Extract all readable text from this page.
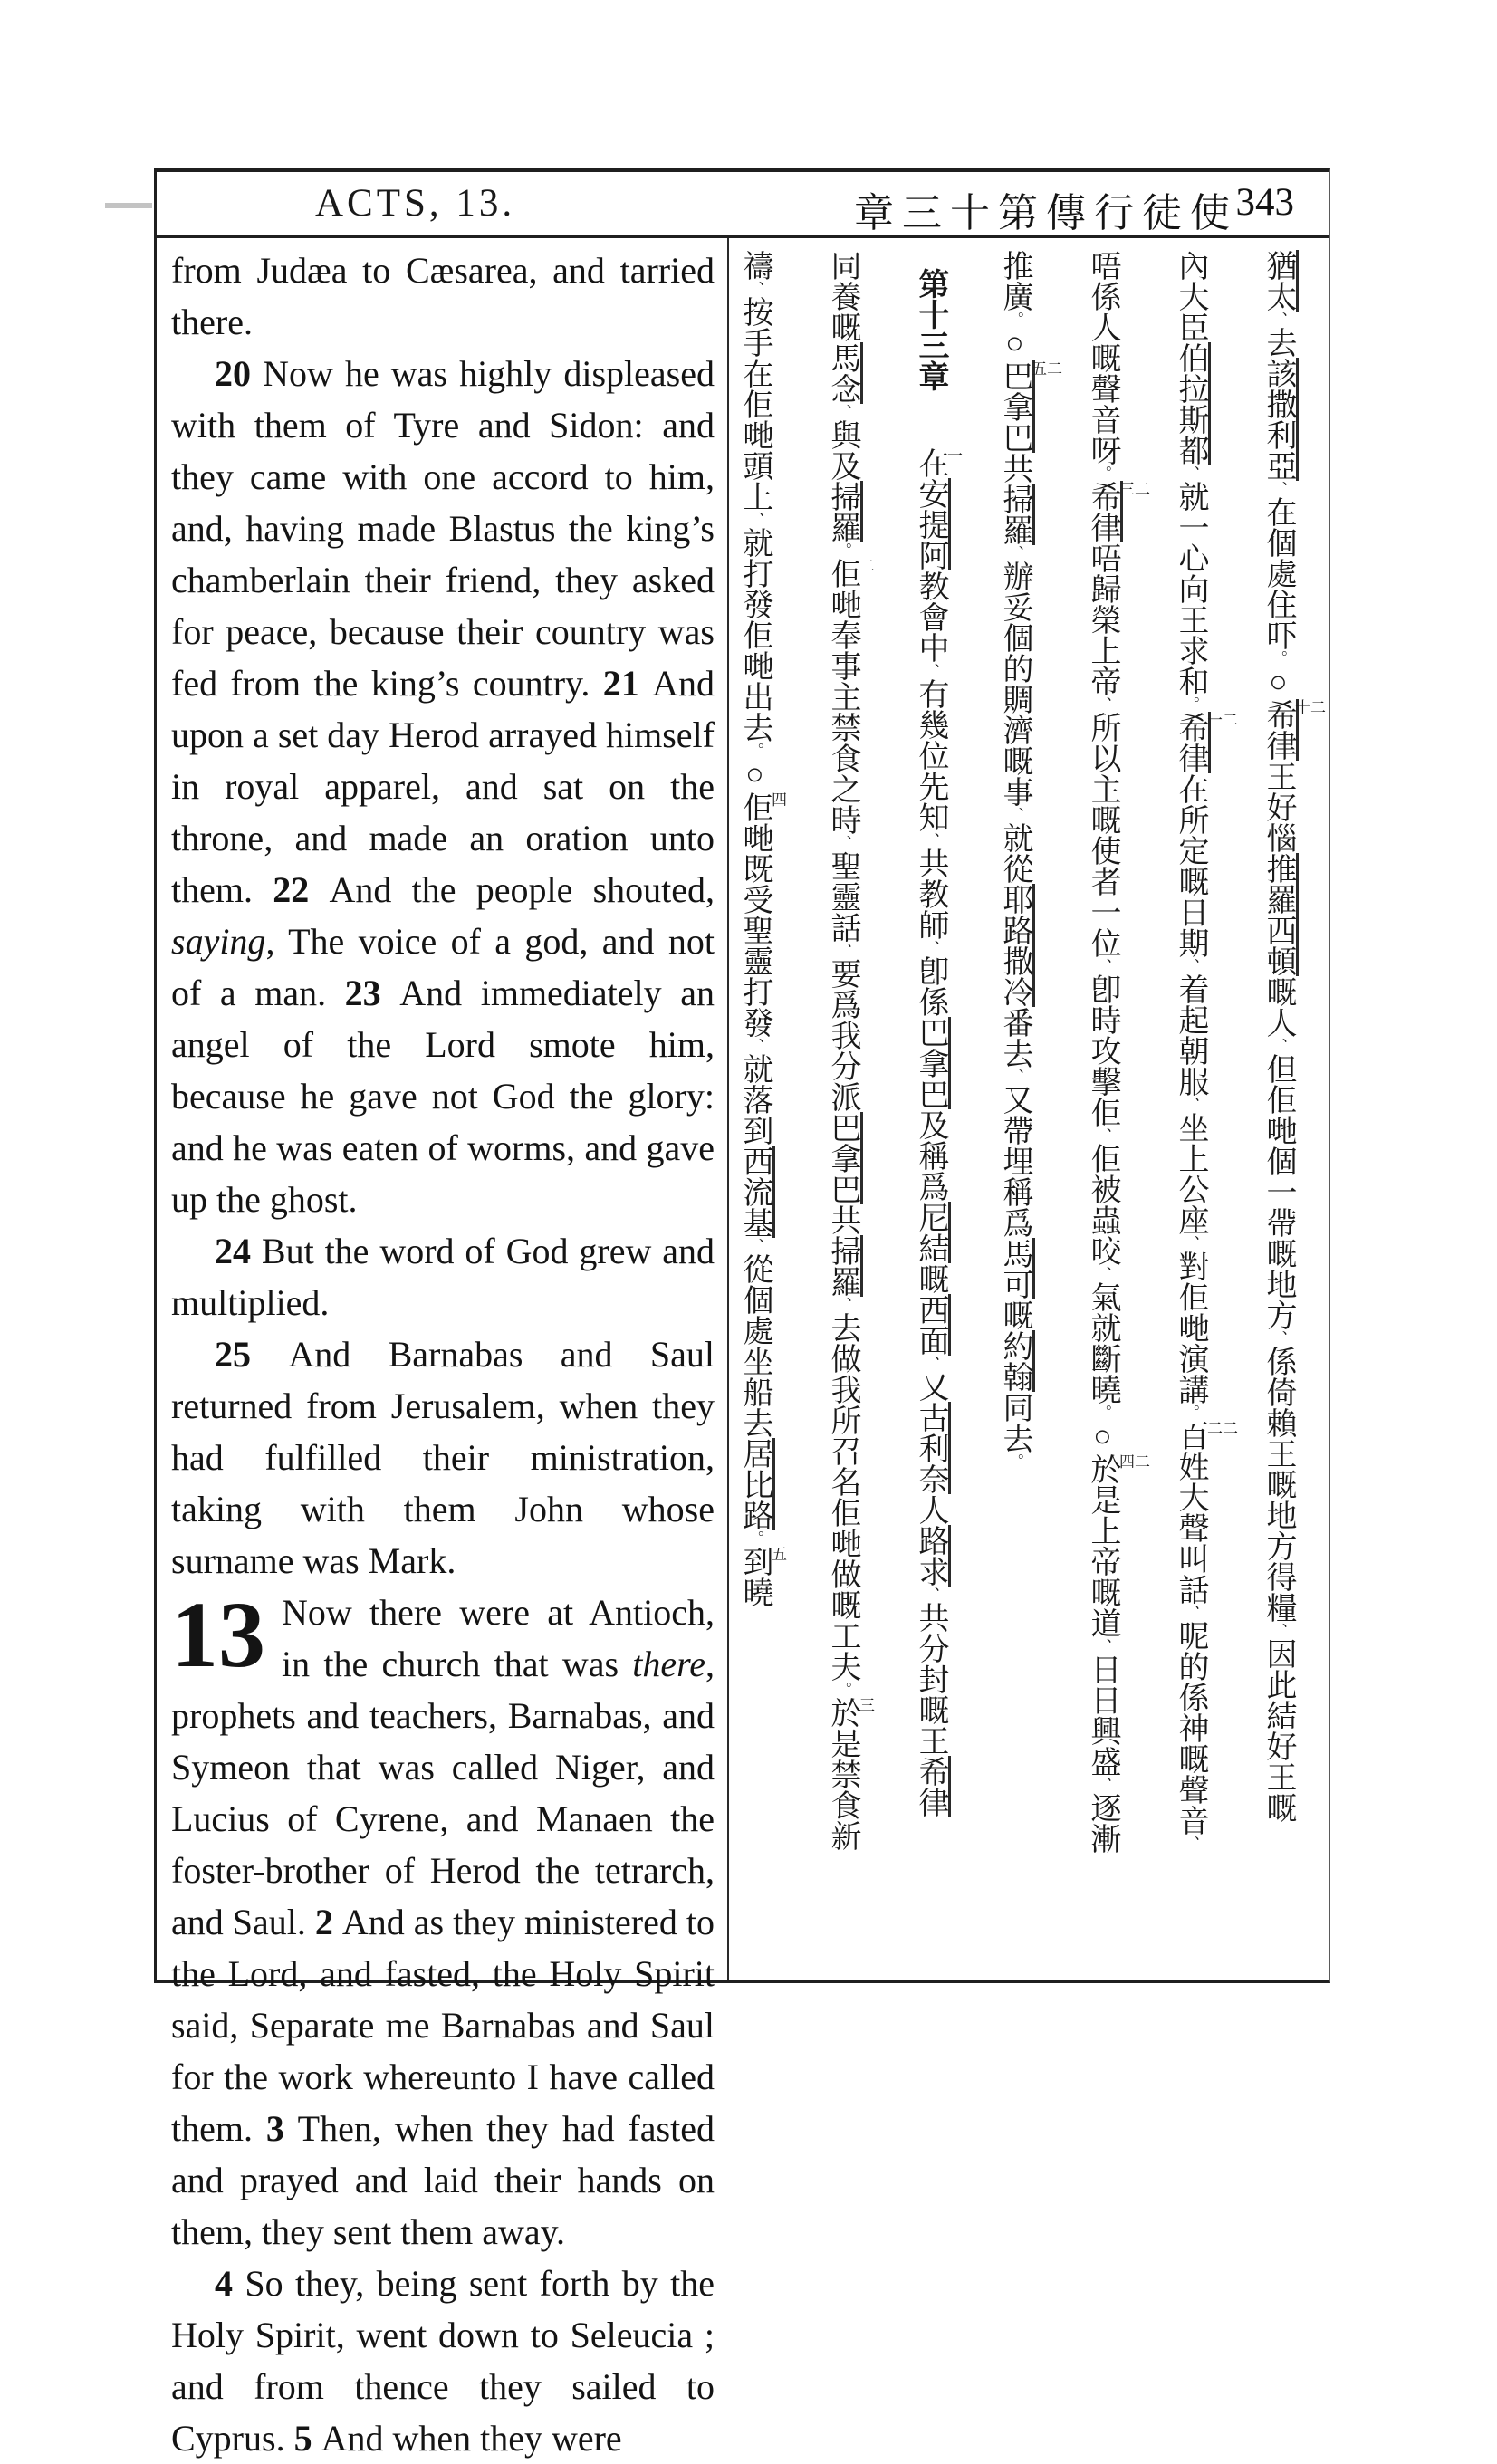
ACTS, 13.	章三十第傳行徒使
343

from Judæa to Cæsarea, and tarried there.

20 Now he was highly displeased with them of Tyre and Sidon: and they came with one accord to him, and, having made Blastus the king’s chamberlain their friend, they asked for peace, because their country was fed from the king’s country. 21 And upon a set day Herod arrayed himself in royal apparel, and sat on the throne, and made an oration unto them. 22 And the people shouted, saying, The voice of a god, and not of a man. 23 And immediately an angel of the Lord smote him, because he gave not God the glory: and he was eaten of worms, and gave up the ghost.

24 But the word of God grew and multiplied.

25 And Barnabas and Saul returned from Jerusalem, when they had fulfilled their ministration, taking with them John whose surname was Mark.

13 Now there were at Antioch, in the church that was there, prophets and teachers, Barnabas, and Symeon that was called Niger, and Lucius of Cyrene, and Manaen the foster-brother of Herod the tetrarch, and Saul. 2 And as they ministered to the Lord, and fasted, the Holy Spirit said, Separate me Barnabas and Saul for the work whereunto I have called them. 3 Then, when they had fasted and prayed and laid their hands on them, they sent them away.

4 So they, being sent forth by the Holy Spirit, went down to Seleucia ; and from thence they sailed to Cyprus. 5 And when they were

猶太、去該撒利亞、在個處住吓。○二十希律王好惱推羅西頓嘅人、但佢哋個一帶嘅地方、係倚賴王嘅地方得糧、因此結好王嘅
內大臣伯拉斯都、就一心向王求和。二一希律在所定嘅日期、着起朝服、坐上公座、對佢哋演講。二二百姓大聲叫話、呢的係神嘅聲音、
唔係人嘅聲音呀。二三希律唔歸榮上帝、所以主嘅使者一位、卽時攻擊佢、佢被蟲咬、氣就斷曉。○二四於是上帝嘅道、日日興盛、逐漸
推廣。○二五巴拿巴共掃羅、辦妥個的賙濟嘅事、就從耶路撒冷番去、又帶埋稱爲馬可嘅約翰同去。
第十三章一在安提阿教會中、有幾位先知、共教師、卽係巴拿巴及稱爲尼結嘅西面、又古利奈人路求、共分封嘅王希律
同養嘅馬念、與及掃羅。二佢哋奉事主禁食之時、聖靈話、要爲我分派巴拿巴共掃羅、去做我所召名佢哋做嘅工夫。三於是禁食新
禱、按手在佢哋頭上、就打發佢哋出去。○四佢哋既受聖靈打發、就落到西流基、從個處坐船去居比路。五到曉
